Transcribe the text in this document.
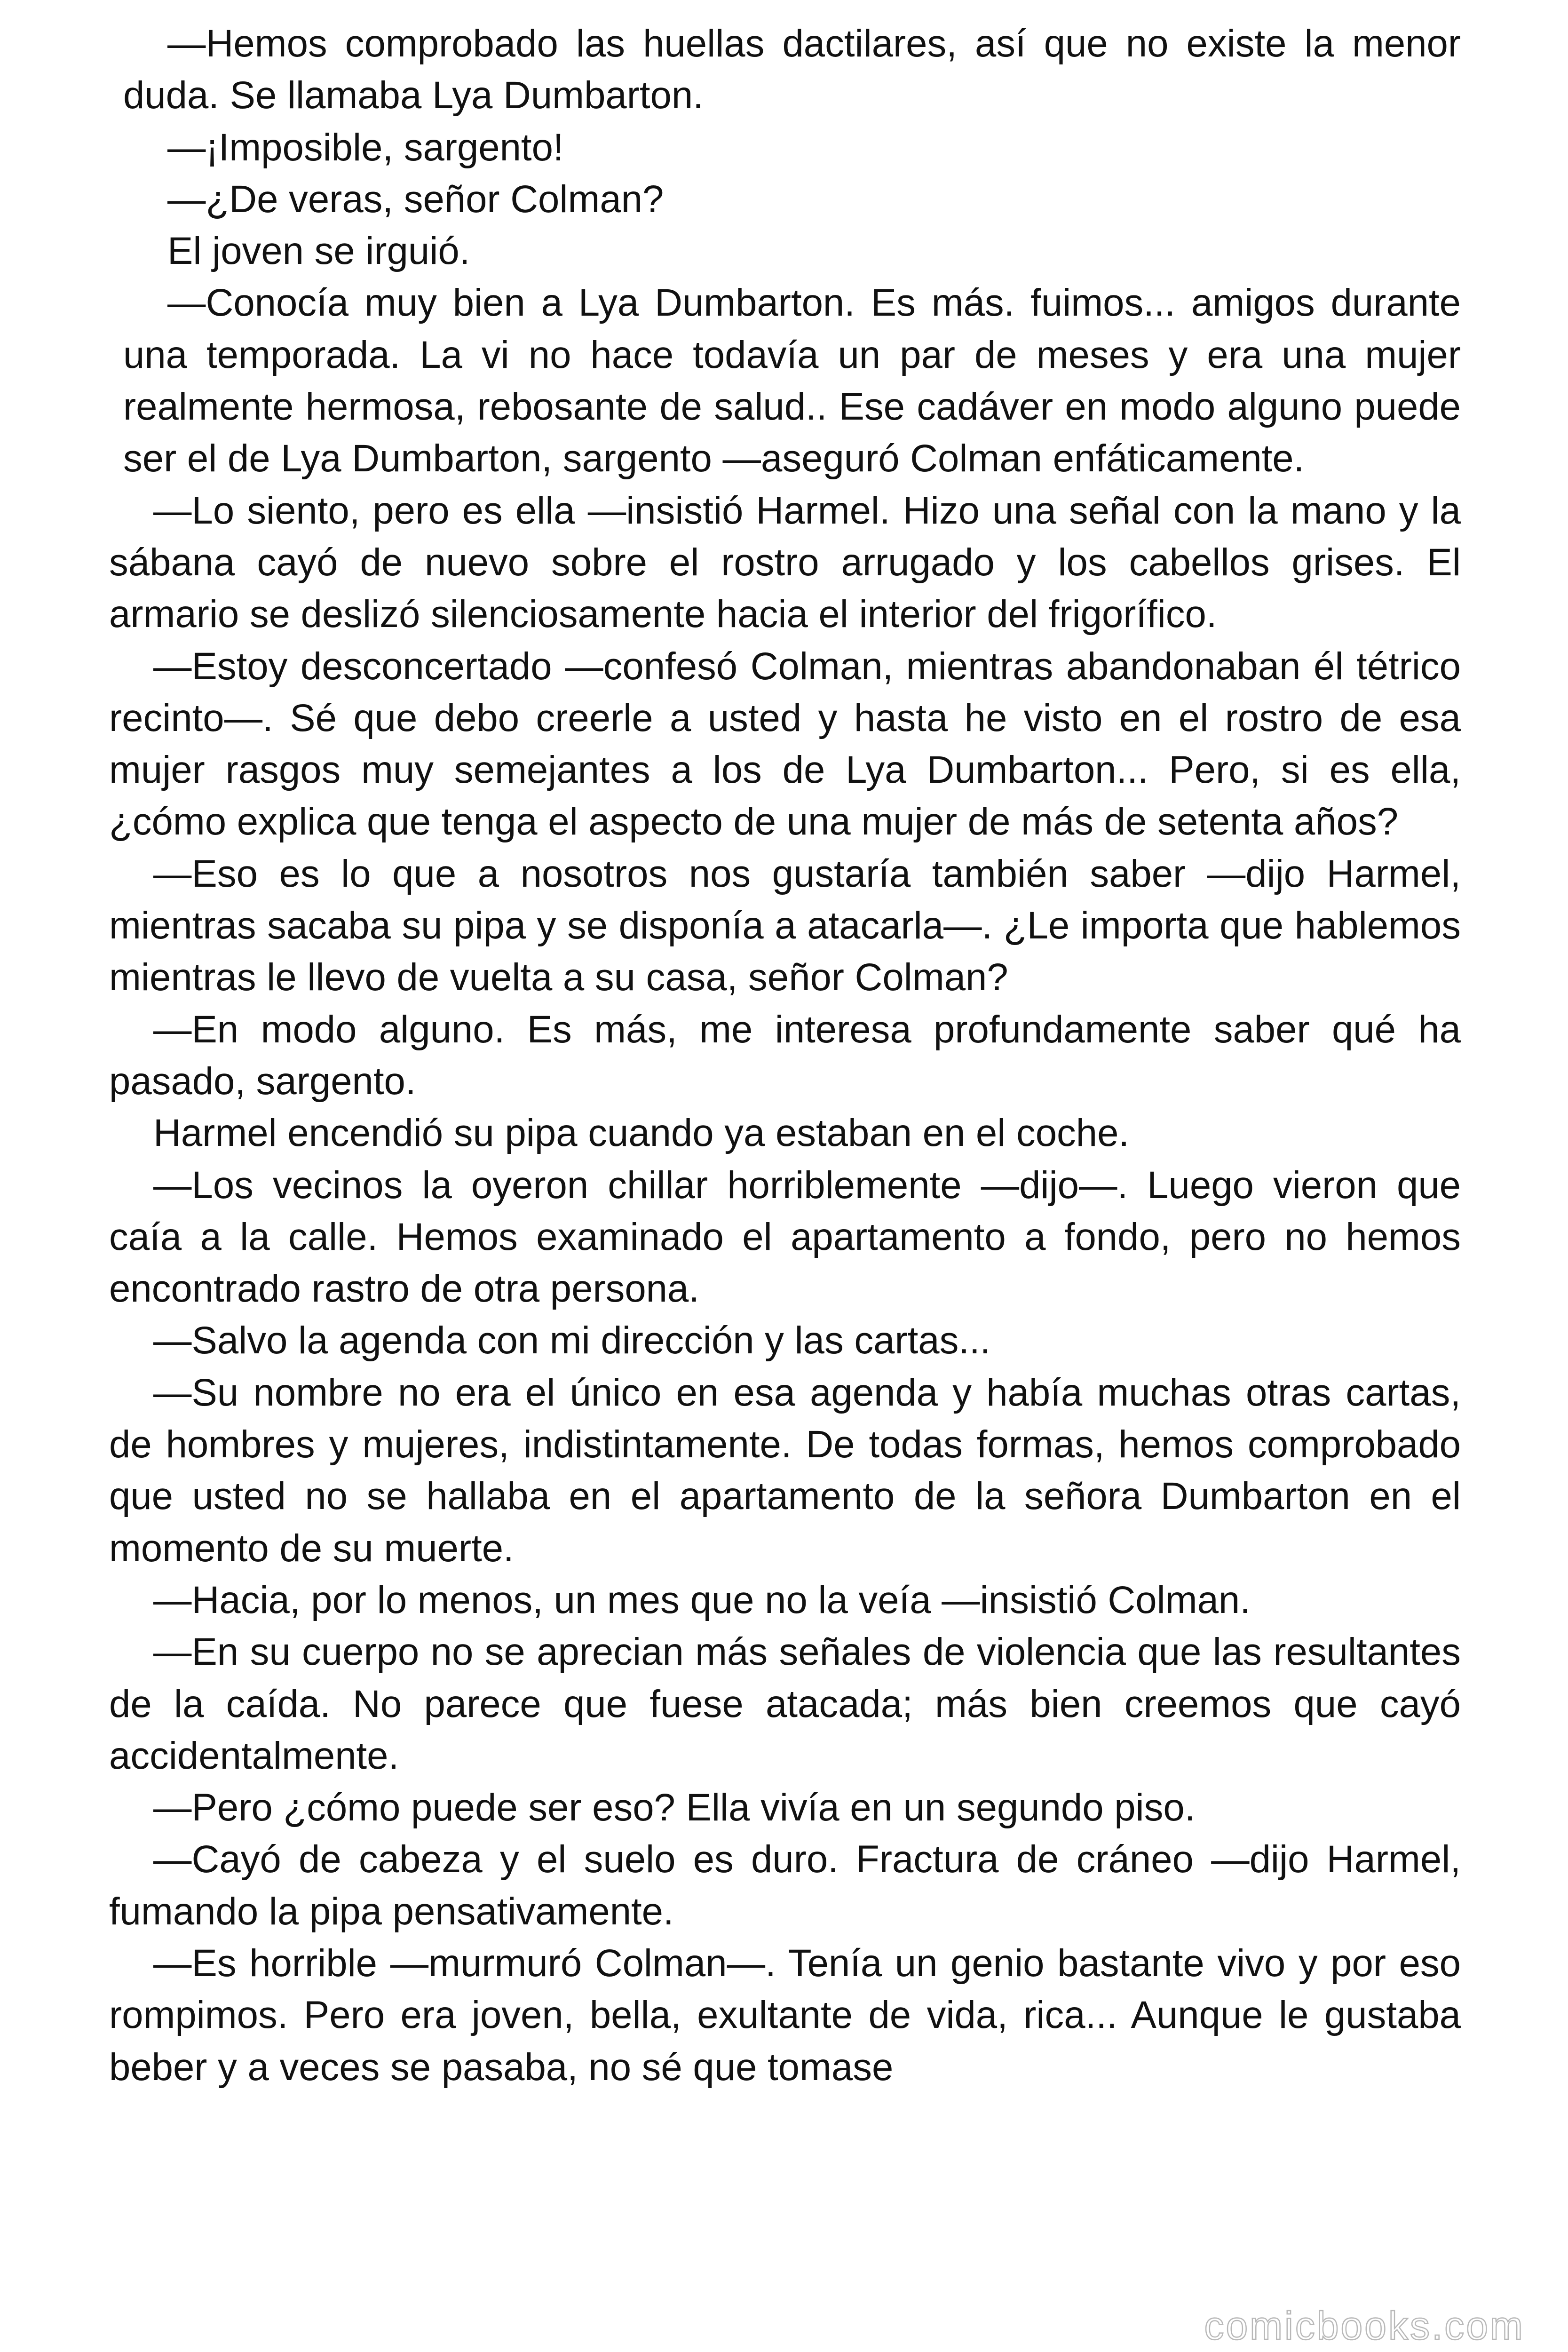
—Hemos comprobado las huellas dactilares, así que no existe la menor duda. Se llamaba Lya Dumbarton.

—¡Imposible, sargento!

—¿De veras, señor Colman?

El joven se irguió.

—Conocía muy bien a Lya Dumbarton. Es más. fuimos... amigos durante una temporada. La vi no hace todavía un par de meses y era una mujer realmente hermosa, rebosante de salud.. Ese cadáver en modo alguno puede ser el de Lya Dumbarton, sargento —aseguró Colman enfáticamente.

—Lo siento, pero es ella —insistió Harmel. Hizo una señal con la mano y la sábana cayó de nuevo sobre el rostro arrugado y los cabellos grises. El armario se deslizó silenciosamente hacia el interior del frigorífico.

—Estoy desconcertado —confesó Colman, mientras abandonaban él tétrico recinto—. Sé que debo creerle a usted y hasta he visto en el rostro de esa mujer rasgos muy semejantes a los de Lya Dumbarton... Pero, si es ella, ¿cómo explica que tenga el aspecto de una mujer de más de setenta años?

—Eso es lo que a nosotros nos gustaría también saber —dijo Harmel, mientras sacaba su pipa y se disponía a atacarla—. ¿Le importa que hablemos mientras le llevo de vuelta a su casa, señor Colman?

—En modo alguno. Es más, me interesa profundamente saber qué ha pasado, sargento.

Harmel encendió su pipa cuando ya estaban en el coche.

—Los vecinos la oyeron chillar horriblemente —dijo—. Luego vieron que caía a la calle. Hemos examinado el apartamento a fondo, pero no hemos encontrado rastro de otra persona.

—Salvo la agenda con mi dirección y las cartas...

—Su nombre no era el único en esa agenda y había muchas otras cartas, de hombres y mujeres, indistintamente. De todas formas, hemos comprobado que usted no se hallaba en el apartamento de la señora Dumbarton en el momento de su muerte.

—Hacia, por lo menos, un mes que no la veía —insistió Colman.

—En su cuerpo no se aprecian más señales de violencia que las resultantes de la caída. No parece que fuese atacada; más bien creemos que cayó accidentalmente.

—Pero ¿cómo puede ser eso? Ella vivía en un segundo piso.

—Cayó de cabeza y el suelo es duro. Fractura de cráneo —dijo Harmel, fumando la pipa pensativamente.

—Es horrible —murmuró Colman—. Tenía un genio bastante vivo y por eso rompimos. Pero era joven, bella, exultante de vida, rica... Aunque le gustaba beber y a veces se pasaba, no sé que tomase

comicbooks.com
